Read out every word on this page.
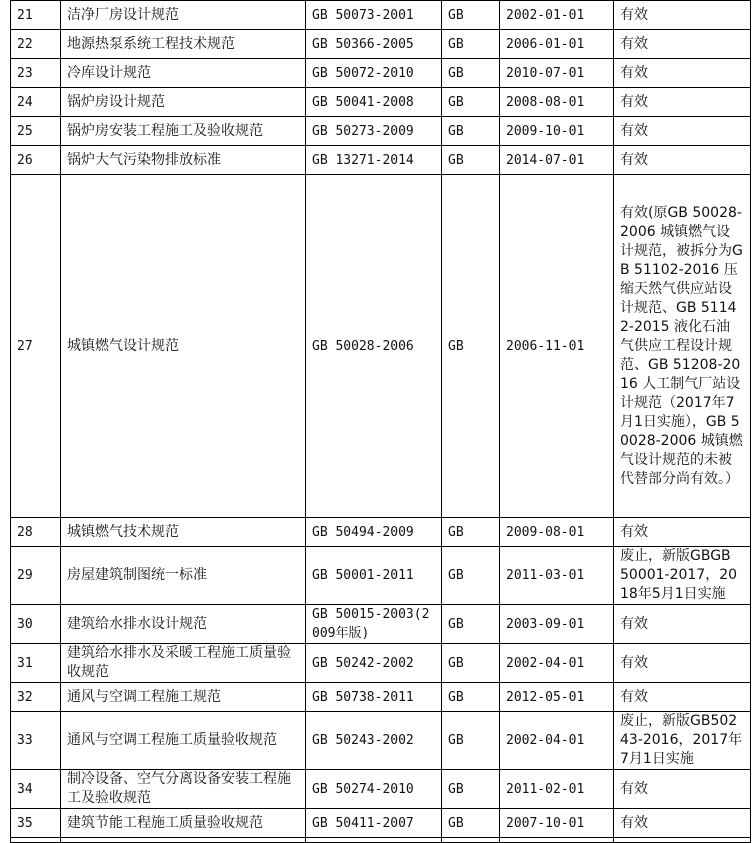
21	洁净厂房设计规范	GB 50073-2001	GB	2002-01-01	有效
22	地源热泵系统工程技术规范	GB 50366-2005	GB	2006-01-01	有效
23	冷库设计规范	GB 50072-2010	GB	2010-07-01	有效
24	锅炉房设计规范	GB 50041-2008	GB	2008-08-01	有效
25	锅炉房安装工程施工及验收规范	GB 50273-2009	GB	2009-10-01	有效
26	锅炉大气污染物排放标准	GB 13271-2014	GB	2014-07-01	有效
27	城镇燃气设计规范	GB 50028-2006	GB	2006-11-01	有效(原GB 50028-2006 城镇燃气设计规范，被拆分为GB 51102-2016 压缩天然气供应站设计规范、GB 51142-2015 液化石油气供应工程设计规范、GB 51208-2016 人工制气厂站设计规范（2017年7月1日实施），GB 50028-2006 城镇燃气设计规范的未被代替部分尚有效。）
28	城镇燃气技术规范	GB 50494-2009	GB	2009-08-01	有效
29	房屋建筑制图统一标准	GB 50001-2011	GB	2011-03-01	废止，新版GBGB 50001-2017，2018年5月1日实施
30	建筑给水排水设计规范	GB 50015-2003(2009年版)	GB	2003-09-01	有效
31	建筑给水排水及采暖工程施工质量验收规范	GB 50242-2002	GB	2002-04-01	有效
32	通风与空调工程施工规范	GB 50738-2011	GB	2012-05-01	有效
33	通风与空调工程施工质量验收规范	GB 50243-2002	GB	2002-04-01	废止，新版GB50243-2016，2017年7月1日实施
34	制冷设备、空气分离设备安装工程施工及验收规范	GB 50274-2010	GB	2011-02-01	有效
35	建筑节能工程施工质量验收规范	GB 50411-2007	GB	2007-10-01	有效
